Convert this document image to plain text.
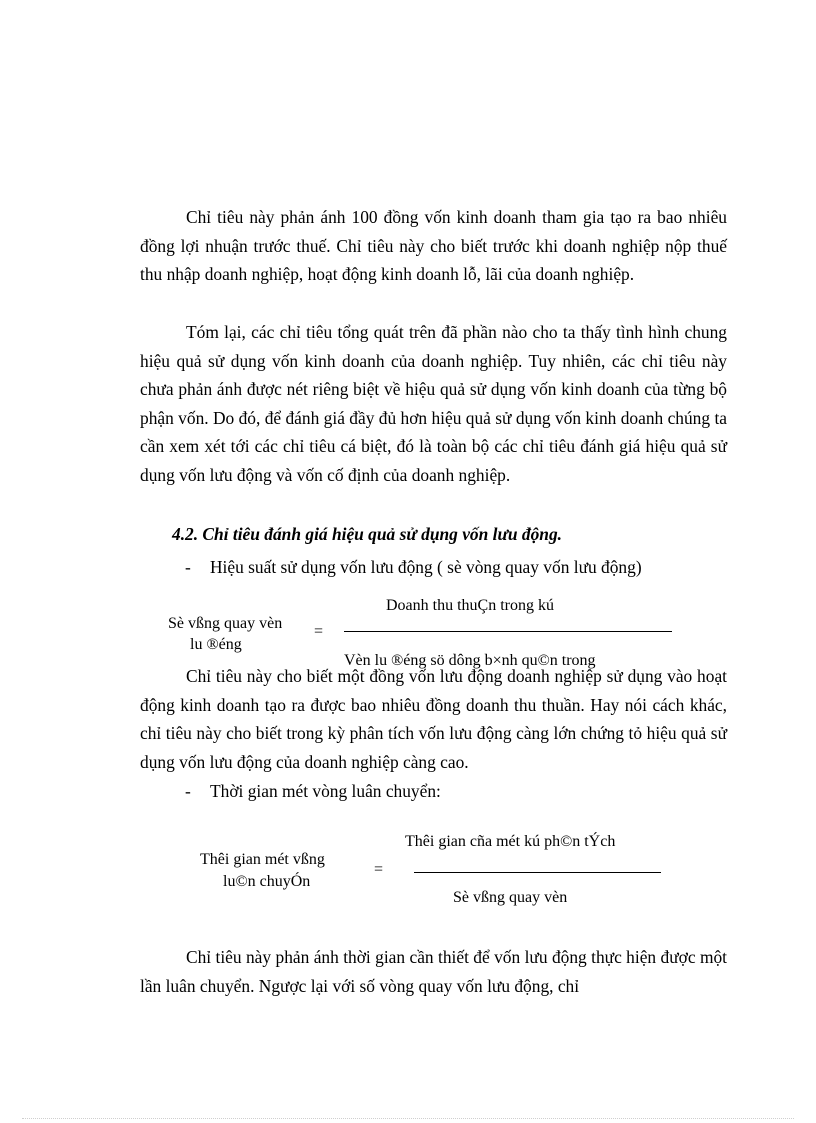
Chỉ tiêu này phản ánh 100 đồng vốn kinh doanh tham gia tạo ra bao nhiêu đồng lợi nhuận trước thuế. Chỉ tiêu này cho biết trước khi doanh nghiệp nộp thuế thu nhập doanh nghiệp, hoạt động kinh doanh lỗ, lãi của doanh nghiệp.

Tóm lại, các chỉ tiêu tổng quát trên đã phần nào cho ta thấy tình hình chung hiệu quả sử dụng vốn kinh doanh của doanh nghiệp. Tuy nhiên, các chỉ tiêu này chưa phản ánh được nét riêng biệt về hiệu quả sử dụng vốn kinh doanh của từng bộ phận vốn. Do đó, để đánh giá đầy đủ hơn hiệu quả sử dụng vốn kinh doanh chúng ta cần xem xét tới các chỉ tiêu cá biệt, đó là toàn bộ các chỉ tiêu đánh giá hiệu quả sử dụng vốn lưu động và vốn cố định của doanh nghiệp.

4.2. Chỉ tiêu đánh giá hiệu quả sử dụng vốn lưu động.

- Hiệu suất sử dụng vốn lưu động ( sè vòng quay vốn lưu động)

Sè vßng quay vèn
lu ®éng
=
Doanh thu thuÇn trong kú
Vèn lu ®éng sö dông b×nh qu©n trong

Chỉ tiêu này cho biết một đồng vốn lưu động doanh nghiệp sử dụng vào hoạt động kinh doanh tạo ra được bao nhiêu đồng doanh thu thuần. Hay nói cách khác, chỉ tiêu này cho biết trong kỳ phân tích vốn lưu động càng lớn chứng tỏ hiệu quả sử dụng vốn lưu động của doanh nghiệp càng cao.

- Thời gian mét vòng luân chuyển:

Thêi gian mét vßng
lu©n chuyÓn
=
Thêi gian cña mét kú ph©n tÝch
Sè vßng quay vèn

Chỉ tiêu này phản ánh thời gian cần thiết để vốn lưu động thực hiện được một lần luân chuyển. Ngược lại với số vòng quay vốn lưu động, chỉ
